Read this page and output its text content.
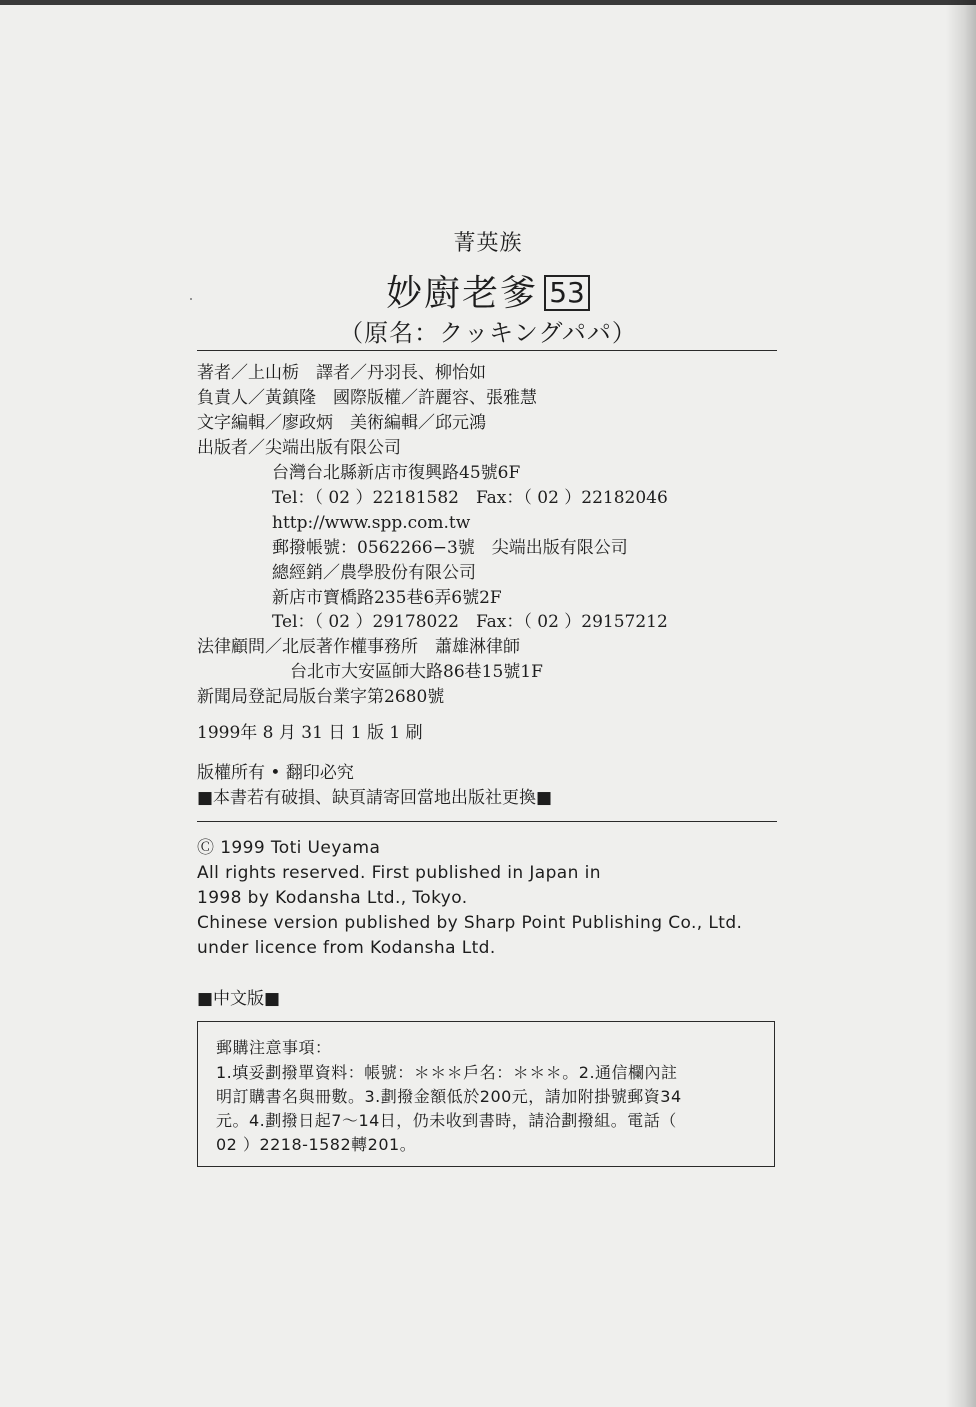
菁英族
妙廚老爹 53
（原名：クッキングパパ）
著者／上山栃　譯者／丹羽長、柳怡如
負責人／黃鎮隆　國際版權／許麗容、張雅慧
文字編輯／廖政炳　美術編輯／邱元鴻
出版者／尖端出版有限公司
台灣台北縣新店市復興路45號6F
Tel：（ 02 ）22181582　Fax：（ 02 ）22182046
http://www.spp.com.tw
郵撥帳號：0562266−3號　尖端出版有限公司
總經銷／農學股份有限公司
新店市寶橋路235巷6弄6號2F
Tel：（ 02 ）29178022　Fax：（ 02 ）29157212
法律顧問／北辰著作權事務所　蕭雄淋律師
台北市大安區師大路86巷15號1F
新聞局登記局版台業字第2680號
1999年 8 月 31 日 1 版 1 刷
版權所有 • 翻印必究
■本書若有破損、缺頁請寄回當地出版社更換■
Ⓒ 1999 Toti Ueyama
All rights reserved. First published in Japan in
1998 by Kodansha Ltd., Tokyo.
Chinese version published by Sharp Point Publishing Co., Ltd.
under licence from Kodansha Ltd.
■中文版■
郵購注意事項：
1.填妥劃撥單資料：帳號：＊＊＊戶名：＊＊＊。2.通信欄內註
明訂購書名與冊數。3.劃撥金額低於200元，請加附掛號郵資34
元。4.劃撥日起7～14日，仍未收到書時，請洽劃撥組。電話（
02 ）2218-1582轉201。
